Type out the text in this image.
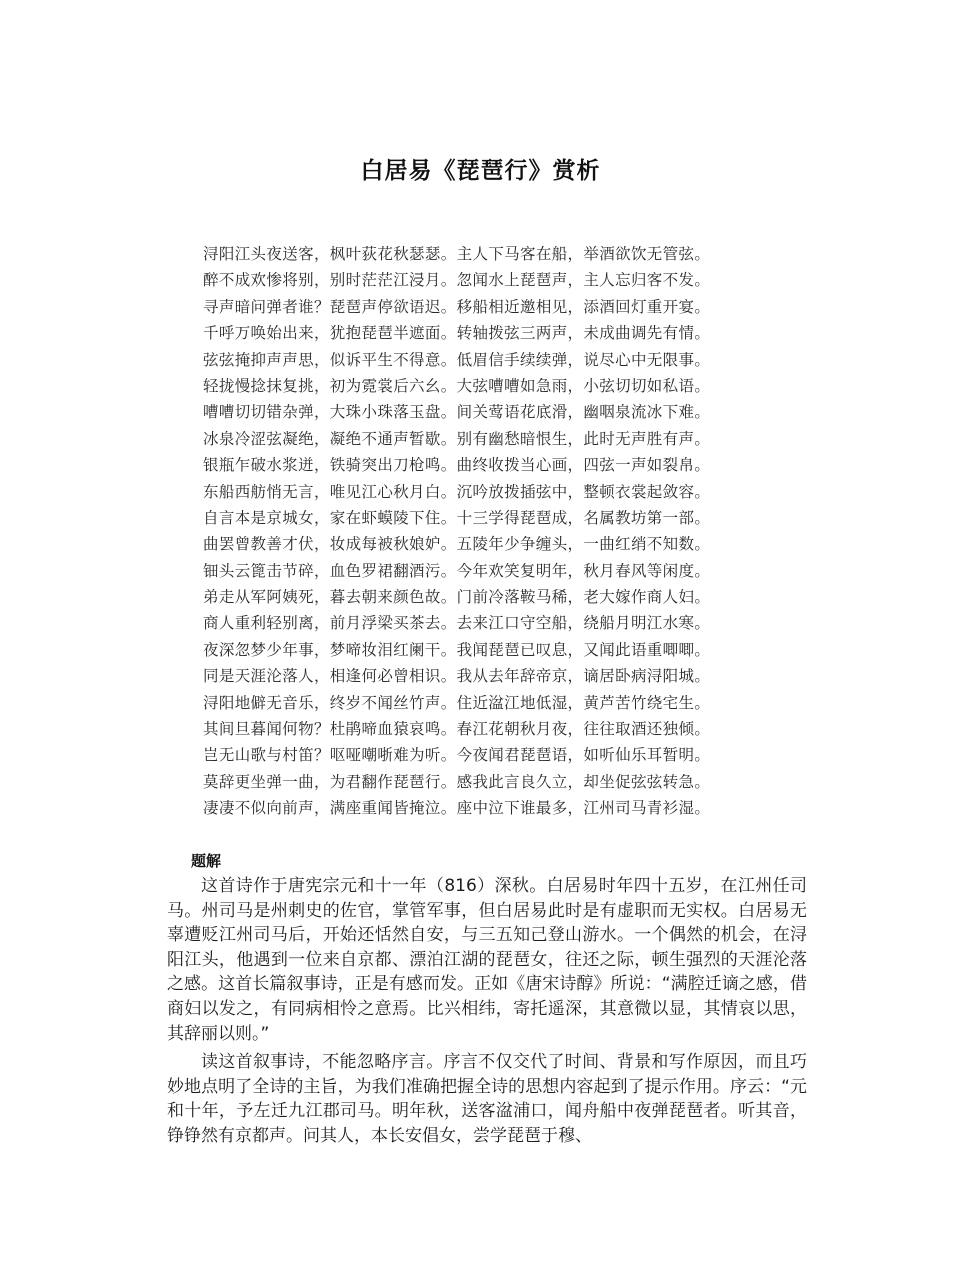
白居易《琵琶行》赏析
浔阳江头夜送客，枫叶荻花秋瑟瑟。主人下马客在船，举酒欲饮无管弦。
醉不成欢惨将别，别时茫茫江浸月。忽闻水上琵琶声，主人忘归客不发。
寻声暗问弹者谁？琵琶声停欲语迟。移船相近邀相见，添酒回灯重开宴。
千呼万唤始出来，犹抱琵琶半遮面。转轴拨弦三两声，未成曲调先有情。
弦弦掩抑声声思，似诉平生不得意。低眉信手续续弹，说尽心中无限事。
轻拢慢捻抹复挑，初为霓裳后六幺。大弦嘈嘈如急雨，小弦切切如私语。
嘈嘈切切错杂弹，大珠小珠落玉盘。间关莺语花底滑，幽咽泉流冰下难。
冰泉冷涩弦凝绝，凝绝不通声暂歇。别有幽愁暗恨生，此时无声胜有声。
银瓶乍破水浆迸，铁骑突出刀枪鸣。曲终收拨当心画，四弦一声如裂帛。
东船西舫悄无言，唯见江心秋月白。沉吟放拨插弦中，整顿衣裳起敛容。
自言本是京城女，家在虾蟆陵下住。十三学得琵琶成，名属教坊第一部。
曲罢曾教善才伏，妆成每被秋娘妒。五陵年少争缠头，一曲红绡不知数。
钿头云篦击节碎，血色罗裙翻酒污。今年欢笑复明年，秋月春风等闲度。
弟走从军阿姨死，暮去朝来颜色故。门前冷落鞍马稀，老大嫁作商人妇。
商人重利轻别离，前月浮梁买茶去。去来江口守空船，绕船月明江水寒。
夜深忽梦少年事，梦啼妆泪红阑干。我闻琵琶已叹息，又闻此语重唧唧。
同是天涯沦落人，相逢何必曾相识。我从去年辞帝京，谪居卧病浔阳城。
浔阳地僻无音乐，终岁不闻丝竹声。住近湓江地低湿，黄芦苦竹绕宅生。
其间旦暮闻何物？杜鹃啼血猿哀鸣。春江花朝秋月夜，往往取酒还独倾。
岂无山歌与村笛？呕哑嘲哳难为听。今夜闻君琵琶语，如听仙乐耳暂明。
莫辞更坐弹一曲，为君翻作琵琶行。感我此言良久立，却坐促弦弦转急。
凄凄不似向前声，满座重闻皆掩泣。座中泣下谁最多，江州司马青衫湿。
题解

这首诗作于唐宪宗元和十一年（816）深秋。白居易时年四十五岁，在江州任司马。州司马是州刺史的佐官，掌管军事，但白居易此时是有虚职而无实权。白居易无辜遭贬江州司马后，开始还恬然自安，与三五知己登山游水。一个偶然的机会，在浔阳江头，他遇到一位来自京都、漂泊江湖的琵琶女，往还之际，顿生强烈的天涯沦落之感。这首长篇叙事诗，正是有感而发。正如《唐宋诗醇》所说：“满腔迁谪之感，借商妇以发之，有同病相怜之意焉。比兴相纬，寄托遥深，其意微以显，其情哀以思，其辞丽以则。”

读这首叙事诗，不能忽略序言。序言不仅交代了时间、背景和写作原因，而且巧妙地点明了全诗的主旨，为我们准确把握全诗的思想内容起到了提示作用。序云：“元和十年，予左迁九江郡司马。明年秋，送客湓浦口，闻舟船中夜弹琵琶者。听其音，铮铮然有京都声。问其人，本长安倡女，尝学琵琶于穆、
